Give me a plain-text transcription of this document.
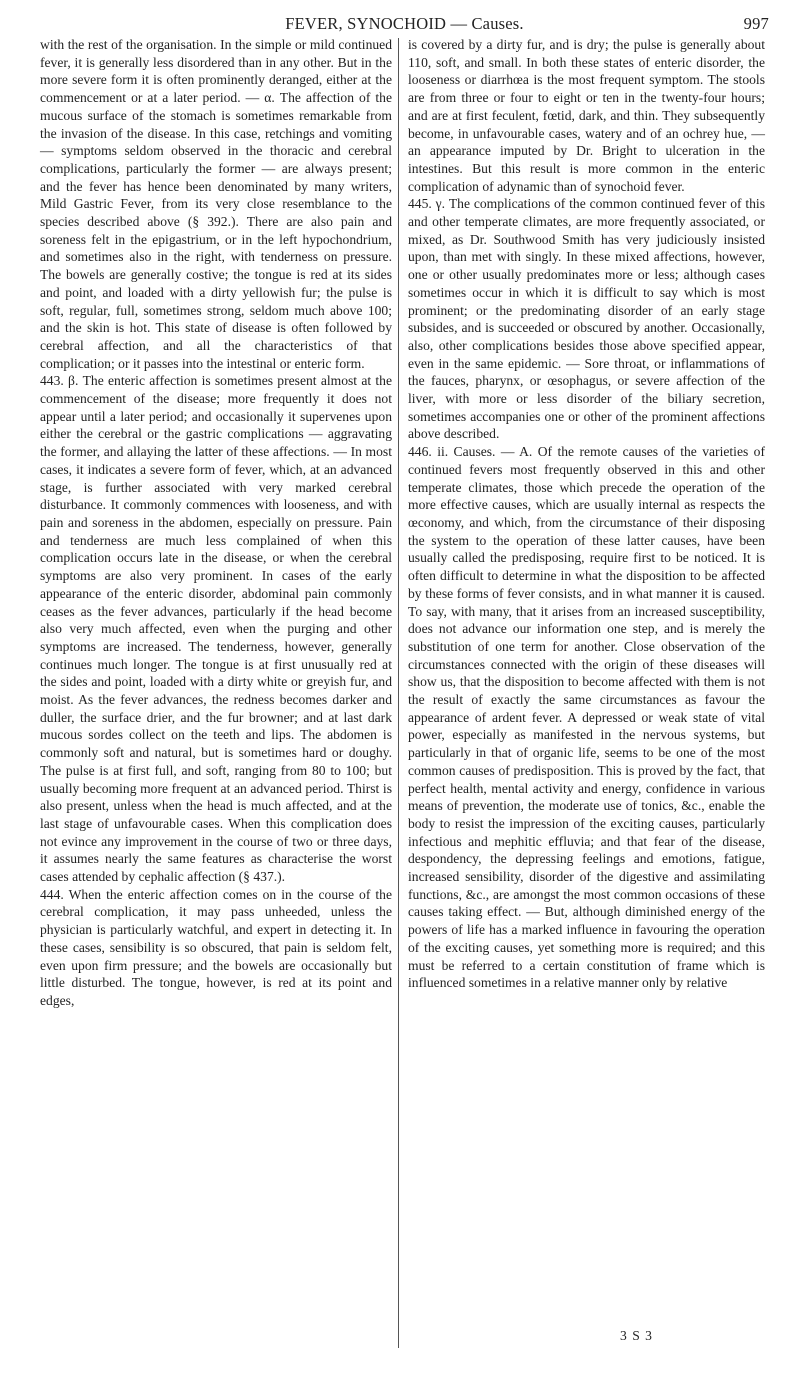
FEVER, SYNOCHOID — Causes.	997

with the rest of the organisation. In the simple or mild continued fever, it is generally less disordered than in any other. But in the more severe form it is often prominently deranged, either at the commencement or at a later period. — α. The affection of the mucous surface of the stomach is sometimes remarkable from the invasion of the disease. In this case, retchings and vomiting — symptoms seldom observed in the thoracic and cerebral complications, particularly the former — are always present; and the fever has hence been denominated by many writers, Mild Gastric Fever, from its very close resemblance to the species described above (§ 392.). There are also pain and soreness felt in the epigastrium, or in the left hypochondrium, and sometimes also in the right, with tenderness on pressure. The bowels are generally costive; the tongue is red at its sides and point, and loaded with a dirty yellowish fur; the pulse is soft, regular, full, sometimes strong, seldom much above 100; and the skin is hot. This state of disease is often followed by cerebral affection, and all the characteristics of that complication; or it passes into the intestinal or enteric form.

443. β. The enteric affection is sometimes present almost at the commencement of the disease; more frequently it does not appear until a later period; and occasionally it supervenes upon either the cerebral or the gastric complications — aggravating the former, and allaying the latter of these affections. — In most cases, it indicates a severe form of fever, which, at an advanced stage, is further associated with very marked cerebral disturbance. It commonly commences with looseness, and with pain and soreness in the abdomen, especially on pressure. Pain and tenderness are much less complained of when this complication occurs late in the disease, or when the cerebral symptoms are also very prominent. In cases of the early appearance of the enteric disorder, abdominal pain commonly ceases as the fever advances, particularly if the head become also very much affected, even when the purging and other symptoms are increased. The tenderness, however, generally continues much longer. The tongue is at first unusually red at the sides and point, loaded with a dirty white or greyish fur, and moist. As the fever advances, the redness becomes darker and duller, the surface drier, and the fur browner; and at last dark mucous sordes collect on the teeth and lips. The abdomen is commonly soft and natural, but is sometimes hard or doughy. The pulse is at first full, and soft, ranging from 80 to 100; but usually becoming more frequent at an advanced period. Thirst is also present, unless when the head is much affected, and at the last stage of unfavourable cases. When this complication does not evince any improvement in the course of two or three days, it assumes nearly the same features as characterise the worst cases attended by cephalic affection (§ 437.).

444. When the enteric affection comes on in the course of the cerebral complication, it may pass unheeded, unless the physician is particularly watchful, and expert in detecting it. In these cases, sensibility is so obscured, that pain is seldom felt, even upon firm pressure; and the bowels are occasionally but little disturbed. The tongue, however, is red at its point and edges,

is covered by a dirty fur, and is dry; the pulse is generally about 110, soft, and small. In both these states of enteric disorder, the looseness or diarrhœa is the most frequent symptom. The stools are from three or four to eight or ten in the twenty-four hours; and are at first feculent, fœtid, dark, and thin. They subsequently become, in unfavourable cases, watery and of an ochrey hue, — an appearance imputed by Dr. Bright to ulceration in the intestines. But this result is more common in the enteric complication of adynamic than of synochoid fever.

445. γ. The complications of the common continued fever of this and other temperate climates, are more frequently associated, or mixed, as Dr. Southwood Smith has very judiciously insisted upon, than met with singly. In these mixed affections, however, one or other usually predominates more or less; although cases sometimes occur in which it is difficult to say which is most prominent; or the predominating disorder of an early stage subsides, and is succeeded or obscured by another. Occasionally, also, other complications besides those above specified appear, even in the same epidemic. — Sore throat, or inflammations of the fauces, pharynx, or œsophagus, or severe affection of the liver, with more or less disorder of the biliary secretion, sometimes accompanies one or other of the prominent affections above described.

446. ii. Causes. — A. Of the remote causes of the varieties of continued fevers most frequently observed in this and other temperate climates, those which precede the operation of the more effective causes, which are usually internal as respects the œconomy, and which, from the circumstance of their disposing the system to the operation of these latter causes, have been usually called the predisposing, require first to be noticed. It is often difficult to determine in what the disposition to be affected by these forms of fever consists, and in what manner it is caused. To say, with many, that it arises from an increased susceptibility, does not advance our information one step, and is merely the substitution of one term for another. Close observation of the circumstances connected with the origin of these diseases will show us, that the disposition to become affected with them is not the result of exactly the same circumstances as favour the appearance of ardent fever. A depressed or weak state of vital power, especially as manifested in the nervous systems, but particularly in that of organic life, seems to be one of the most common causes of predisposition. This is proved by the fact, that perfect health, mental activity and energy, confidence in various means of prevention, the moderate use of tonics, &c., enable the body to resist the impression of the exciting causes, particularly infectious and mephitic effluvia; and that fear of the disease, despondency, the depressing feelings and emotions, fatigue, increased sensibility, disorder of the digestive and assimilating functions, &c., are amongst the most common occasions of these causes taking effect. — But, although diminished energy of the powers of life has a marked influence in favouring the operation of the exciting causes, yet something more is required; and this must be referred to a certain constitution of frame which is influenced sometimes in a relative manner only by relative

3 S 3
